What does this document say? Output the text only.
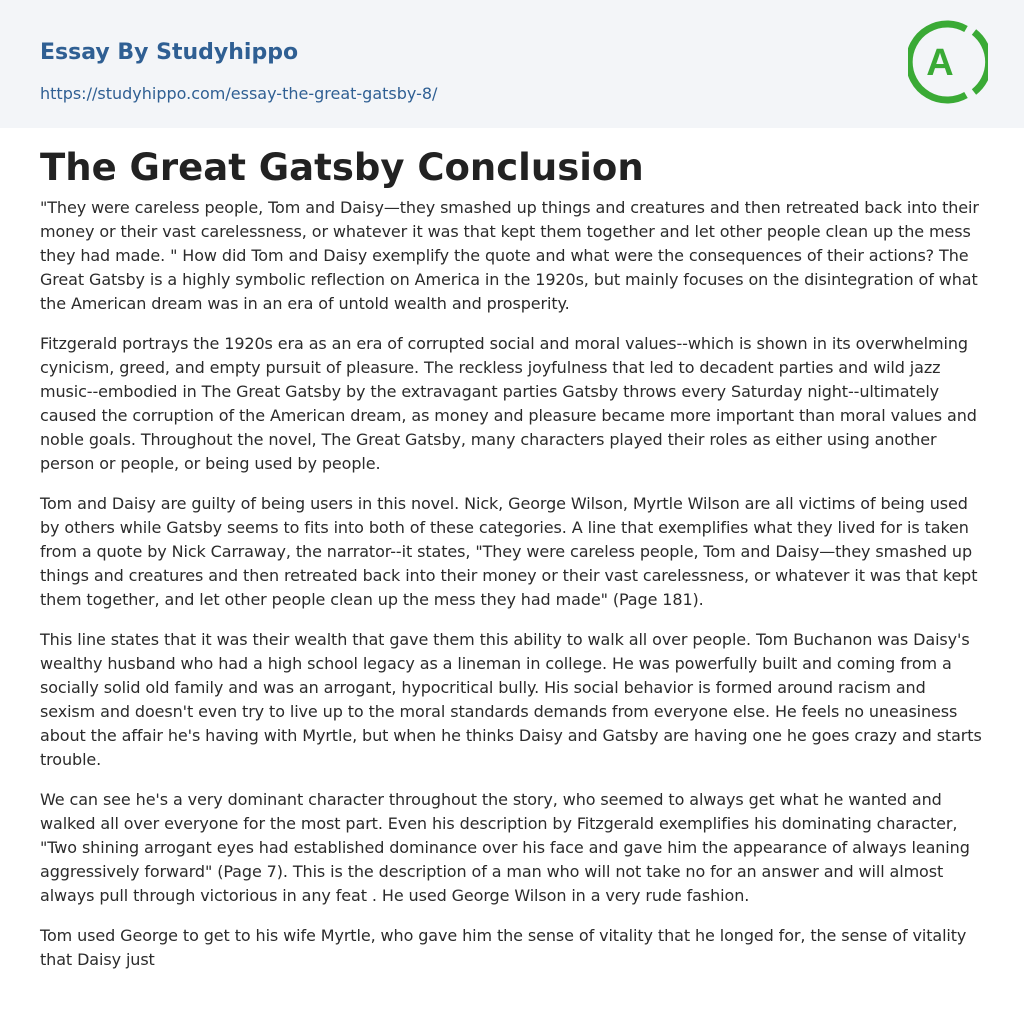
Essay By Studyhippo
https://studyhippo.com/essay-the-great-gatsby-8/
A
The Great Gatsby Conclusion

"They were careless people, Tom and Daisy—they smashed up things and creatures and then retreated back into their money or their vast carelessness, or whatever it was that kept them together and let other people clean up the mess they had made. " How did Tom and Daisy exemplify the quote and what were the consequences of their actions? The Great Gatsby is a highly symbolic reflection on America in the 1920s, but mainly focuses on the disintegration of what the American dream was in an era of untold wealth and prosperity.

Fitzgerald portrays the 1920s era as an era of corrupted social and moral values--which is shown in its overwhelming cynicism, greed, and empty pursuit of pleasure. The reckless joyfulness that led to decadent parties and wild jazz music--embodied in The Great Gatsby by the extravagant parties Gatsby throws every Saturday night--ultimately caused the corruption of the American dream, as money and pleasure became more important than moral values and noble goals. Throughout the novel, The Great Gatsby, many characters played their roles as either using another person or people, or being used by people.

Tom and Daisy are guilty of being users in this novel. Nick, George Wilson, Myrtle Wilson are all victims of being used by others while Gatsby seems to fits into both of these categories. A line that exemplifies what they lived for is taken from a quote by Nick Carraway, the narrator--it states, "They were careless people, Tom and Daisy—they smashed up things and creatures and then retreated back into their money or their vast carelessness, or whatever it was that kept them together, and let other people clean up the mess they had made" (Page 181).

This line states that it was their wealth that gave them this ability to walk all over people. Tom Buchanon was Daisy's wealthy husband who had a high school legacy as a lineman in college. He was powerfully built and coming from a socially solid old family and was an arrogant, hypocritical bully. His social behavior is formed around racism and sexism and doesn't even try to live up to the moral standards demands from everyone else. He feels no uneasiness about the affair he's having with Myrtle, but when he thinks Daisy and Gatsby are having one he goes crazy and starts trouble.

We can see he's a very dominant character throughout the story, who seemed to always get what he wanted and walked all over everyone for the most part. Even his description by Fitzgerald exemplifies his dominating character, "Two shining arrogant eyes had established dominance over his face and gave him the appearance of always leaning aggressively forward" (Page 7). This is the description of a man who will not take no for an answer and will almost always pull through victorious in any feat . He used George Wilson in a very rude fashion.

Tom used George to get to his wife Myrtle, who gave him the sense of vitality that he longed for, the sense of vitality that Daisy just
